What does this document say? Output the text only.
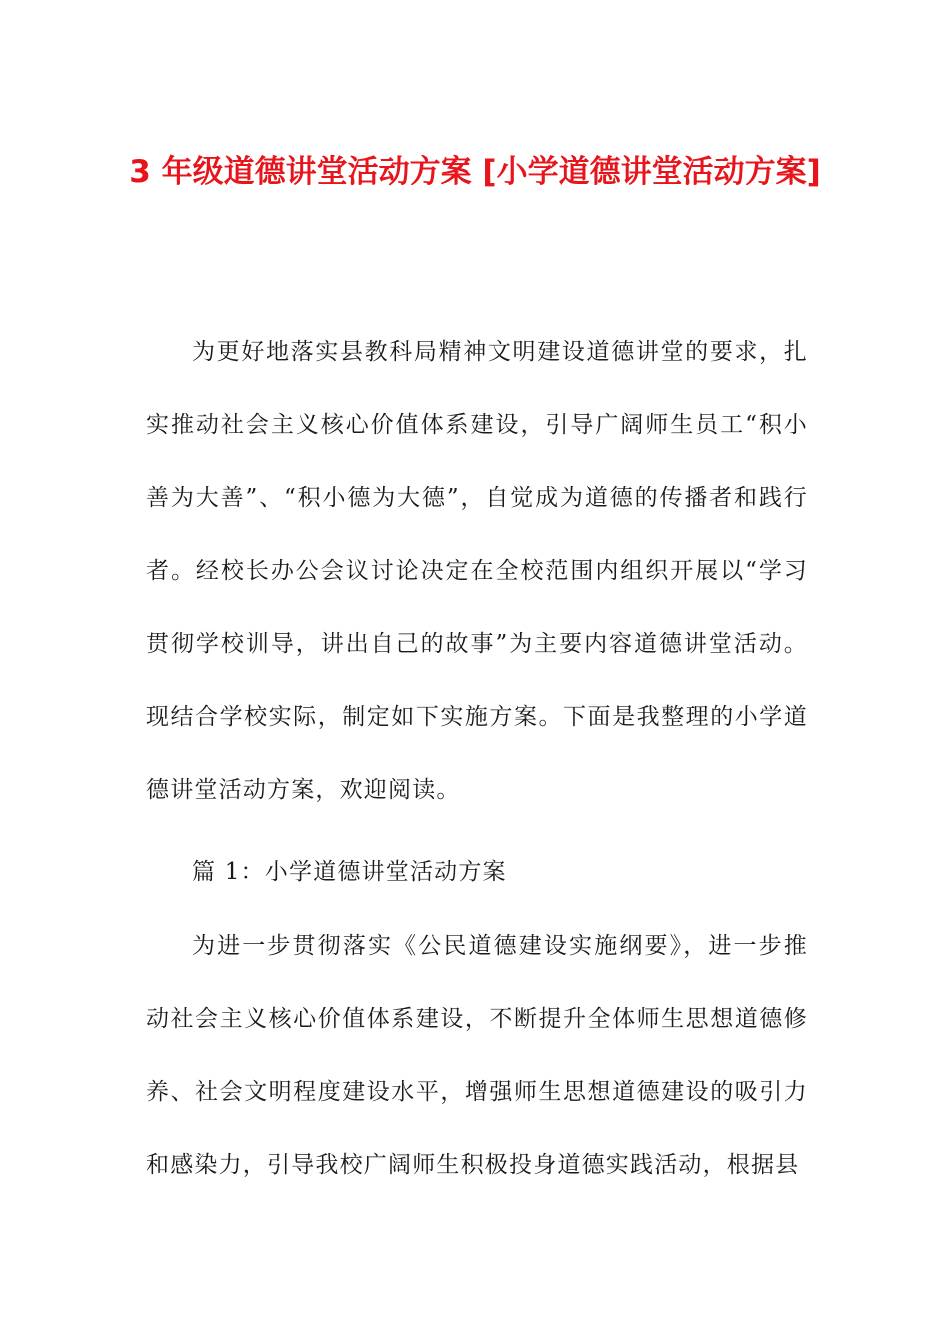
3 年级道德讲堂活动方案 [小学道德讲堂活动方案]

为更好地落实县教科局精神文明建设道德讲堂的要求，扎实推动社会主义核心价值体系建设，引导广阔师生员工“积小善为大善”、“积小德为大德”，自觉成为道德的传播者和践行者。经校长办公会议讨论决定在全校范围内组织开展以“学习贯彻学校训导，讲出自己的故事”为主要内容道德讲堂活动。现结合学校实际，制定如下实施方案。下面是我整理的小学道德讲堂活动方案，欢迎阅读。

篇 1：小学道德讲堂活动方案

为进一步贯彻落实《公民道德建设实施纲要》，进一步推动社会主义核心价值体系建设，不断提升全体师生思想道德修养、社会文明程度建设水平，增强师生思想道德建设的吸引力和感染力，引导我校广阔师生积极投身道德实践活动，根据县
